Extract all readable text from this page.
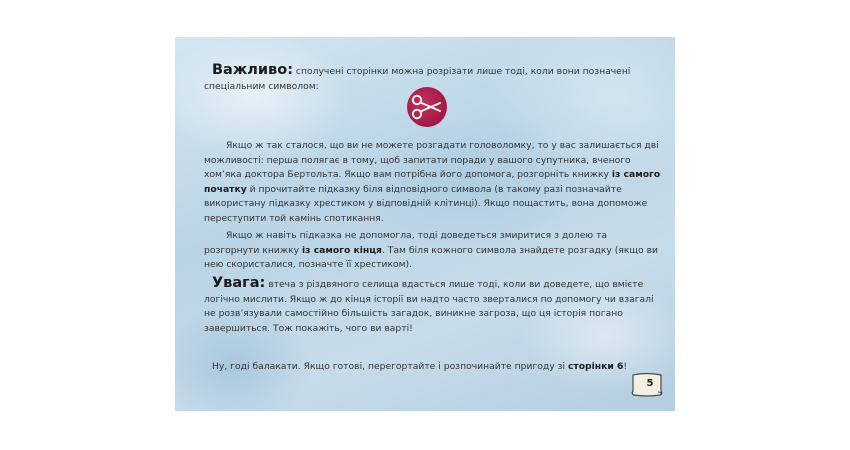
Важливо: сполучені сторінки можна розрізати лише тоді, коли вони позначені спеціальним символом:

Якщо ж так сталося, що ви не можете розгадати головоломку, то у вас залишається дві можливості: перша полягає в тому, щоб запитати поради у вашого супутника, вченого хом’яка доктора Бертольта. Якщо вам потрібна його допомога, розгорніть книжку із самого початку й прочитайте підказку біля відповідного символа (в такому разі позначайте використану підказку хрестиком у відповідній клітинці). Якщо пощастить, вона допоможе переступити той камінь спотикання.

Якщо ж навіть підказка не допомогла, тоді доведеться змиритися з долею та розгорнути книжку із самого кінця. Там біля кожного символа знайдете розгадку (якщо ви нею скористалися, позначте її хрестиком).

Увага: втеча з різдвяного селища вдасться лише тоді, коли ви доведете, що вмієте логічно мислити. Якщо ж до кінця історії ви надто часто зверталися по допомогу чи взагалі не розв’язували самостійно більшість загадок, виникне загроза, що ця історія погано завершиться. Тож покажіть, чого ви варті!

Ну, годі балакати. Якщо готові, перегортайте і розпочинайте пригоду зі сторінки 6!

5
